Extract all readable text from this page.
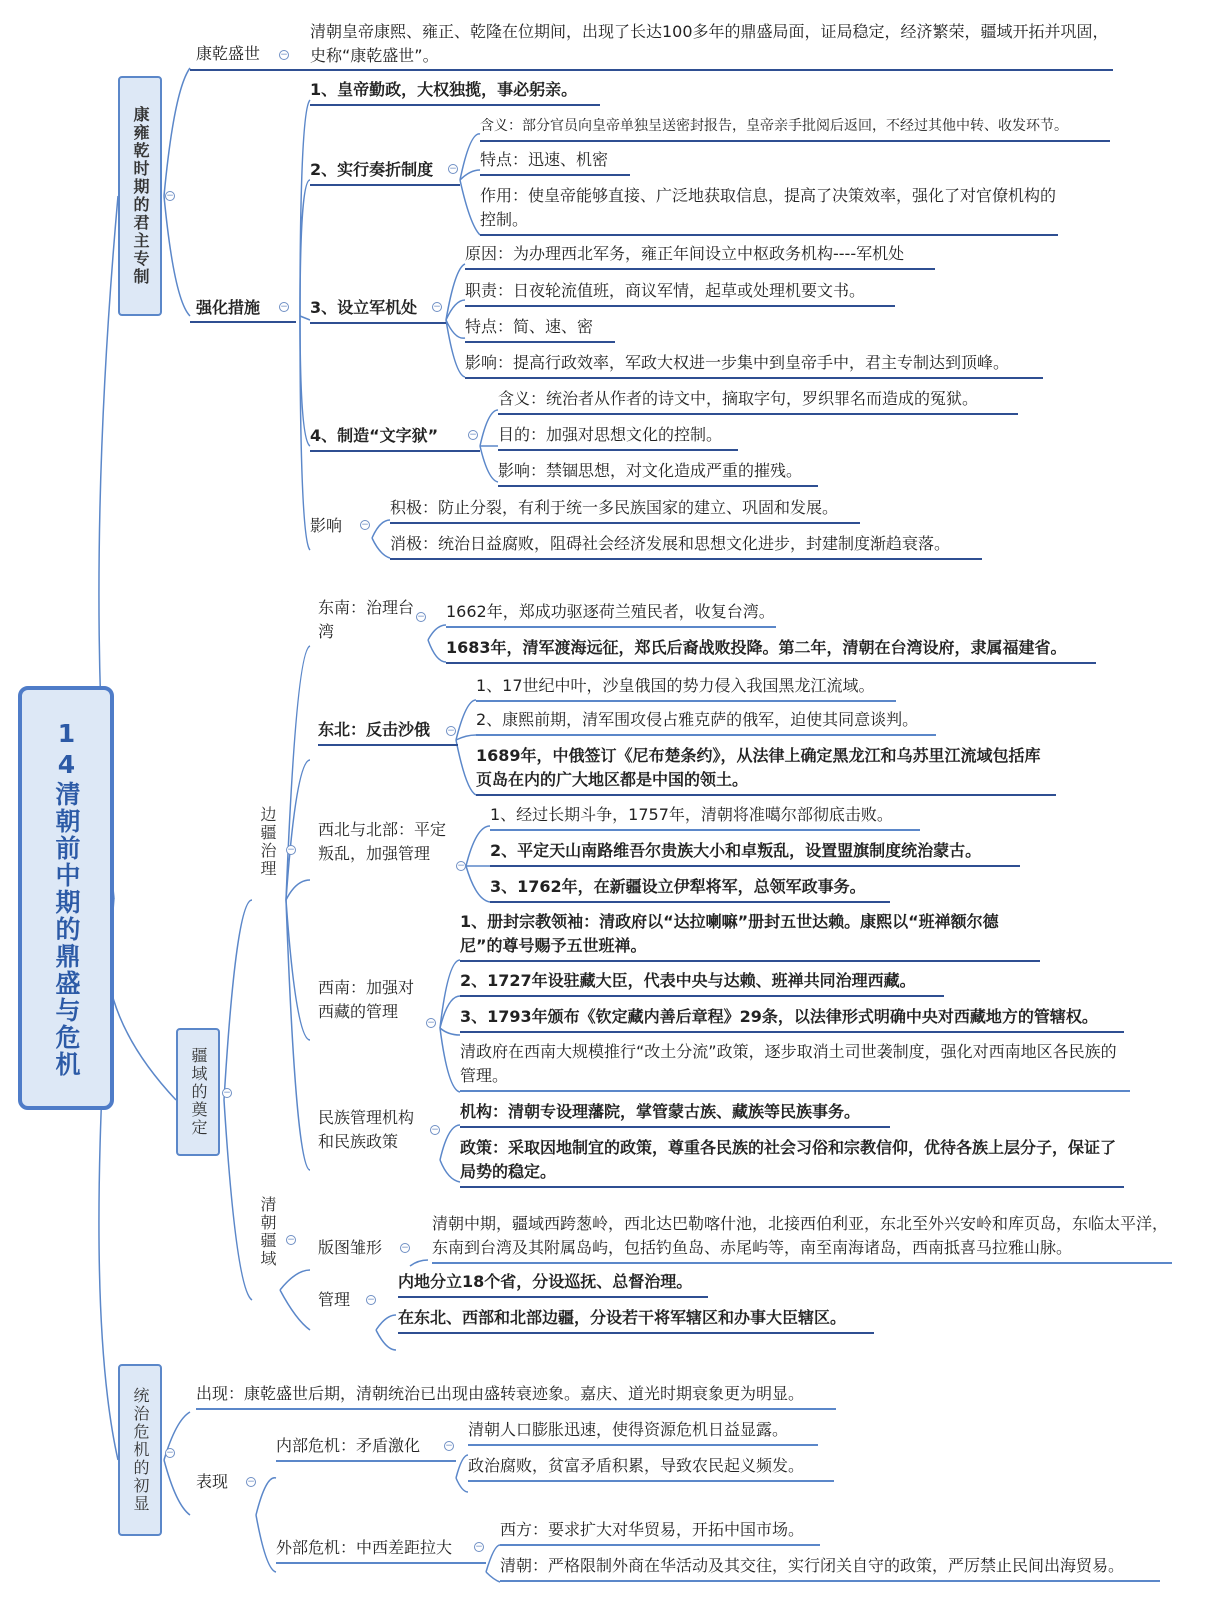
14清朝前中期的鼎盛与危机
康雍乾时期的君主专制	−
康乾盛世 −
清朝皇帝康熙、雍正、乾隆在位期间，出现了长达100多年的鼎盛局面，证局稳定，经济繁荣，疆域开拓并巩固，史称“康乾盛世”。
强化措施 −
1、皇帝勤政，大权独揽，事必躬亲。
2、实行奏折制度	−
含义：部分官员向皇帝单独呈送密封报告，皇帝亲手批阅后返回，不经过其他中转、收发环节。
特点：迅速、机密
作用：使皇帝能够直接、广泛地获取信息，提高了决策效率，强化了对官僚机构的控制。
3、设立军机处	−
原因：为办理西北军务，雍正年间设立中枢政务机构----军机处
职责：日夜轮流值班，商议军情，起草或处理机要文书。
特点：简、速、密
影响：提高行政效率，军政大权进一步集中到皇帝手中，君主专制达到顶峰。
4、制造“文字狱”	−
含义：统治者从作者的诗文中，摘取字句，罗织罪名而造成的冤狱。
目的：加强对思想文化的控制。
影响：禁锢思想，对文化造成严重的摧残。
影响 −
积极：防止分裂，有利于统一多民族国家的建立、巩固和发展。
消极：统治日益腐败，阻碍社会经济发展和思想文化进步，封建制度渐趋衰落。
疆域的奠定	−
边疆治理 −
东南：治理台湾
− 1662年，郑成功驱逐荷兰殖民者，收复台湾。
1683年，清军渡海远征，郑氏后裔战败投降。第二年，清朝在台湾设府，隶属福建省。
东北：反击沙俄	−
1、17世纪中叶，沙皇俄国的势力侵入我国黑龙江流域。
2、康熙前期，清军围攻侵占雅克萨的俄军，迫使其同意谈判。
1689年，中俄签订《尼布楚条约》，从法律上确定黑龙江和乌苏里江流域包括库页岛在内的广大地区都是中国的领土。
西北与北部：平定叛乱，加强管理
−
1、经过长期斗争，1757年，清朝将准噶尔部彻底击败。
2、平定天山南路维吾尔贵族大小和卓叛乱，设置盟旗制度统治蒙古。
3、1762年，在新疆设立伊犁将军，总领军政事务。
西南：加强对西藏的管理
−
1、册封宗教领袖：清政府以“达拉喇嘛”册封五世达赖。康熙以“班禅额尔德尼”的尊号赐予五世班禅。
2、1727年设驻藏大臣，代表中央与达赖、班禅共同治理西藏。
3、1793年颁布《钦定藏内善后章程》29条，以法律形式明确中央对西藏地方的管辖权。
清政府在西南大规模推行“改土分流”政策，逐步取消土司世袭制度，强化对西南地区各民族的管理。
民族管理机构和民族政策
−
机构：清朝专设理藩院，掌管蒙古族、藏族等民族事务。
政策：采取因地制宜的政策，尊重各民族的社会习俗和宗教信仰，优待各族上层分子，保证了局势的稳定。
清朝疆域 − 版图雏形 −
清朝中期，疆域西跨葱岭，西北达巴勒喀什池，北接西伯利亚，东北至外兴安岭和库页岛，东临太平洋，东南到台湾及其附属岛屿，包括钓鱼岛、赤尾屿等，南至南海诸岛，西南抵喜马拉雅山脉。
管理 −
内地分立18个省，分设巡抚、总督治理。
在东北、西部和北部边疆，分设若干将军辖区和办事大臣辖区。
统治危机的初显	−
出现：康乾盛世后期，清朝统治已出现由盛转衰迹象。嘉庆、道光时期衰象更为明显。
表现 −
内部危机：矛盾激化	−
清朝人口膨胀迅速，使得资源危机日益显露。
政治腐败，贫富矛盾积累，导致农民起义频发。
外部危机：中西差距拉大	−
西方：要求扩大对华贸易，开拓中国市场。
清朝：严格限制外商在华活动及其交往，实行闭关自守的政策，严厉禁止民间出海贸易。
